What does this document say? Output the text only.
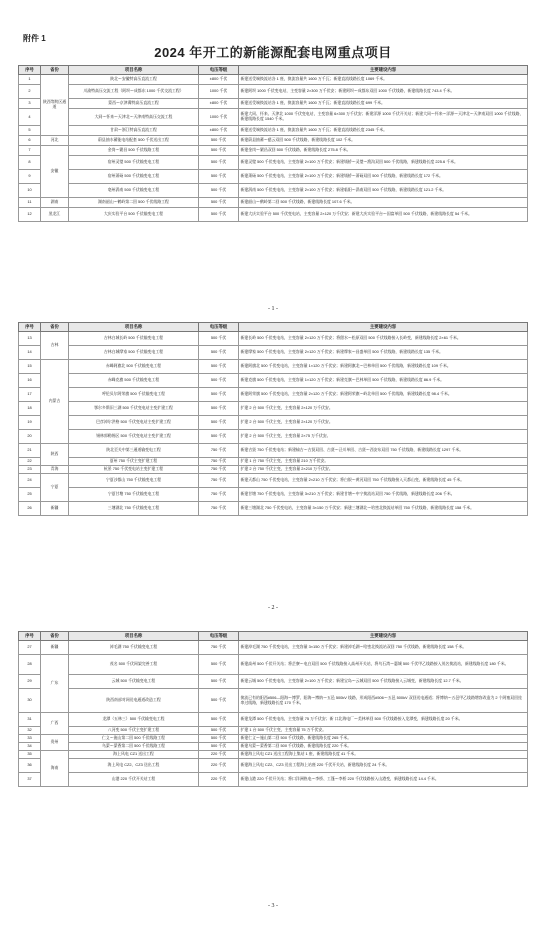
附件 1
2024 年开工的新能源配套电网重点项目
序号	省份	项目名称	电压等级	主要建设内容
1	陕西等跨区通道	陕北～安徽特高压直流工程	±800 千伏	新建送受端换流站各 1 座，换流容量共 1600 万千瓦；新建直流线路长度 1069 千米。
2		川渝特高压交流工程（阿坝～成都东 1000 千伏交流工程）	1000 千伏	新建阿坝 1000 千伏变电站，主变容量 2×300 万千伏安；新建阿坝～成都东双回 1000 千伏线路，新建线路长度 743.4 千米。
3		蒙西～京津冀特高压直流工程	±800 千伏	新建送受端换流站各 1 座，换流容量共 1600 万千瓦；新建直流线路长度 699 千米。
4		大同～怀来～天津北～天津南特高压交流工程	1000 千伏	新建大同、怀来、天津北 1000 千伏变电站，主变容量 6×300 万千伏安；新建洋源 1000 千伏开关站；新建大同～怀来～洋源～天津北～天津南双回 1000 千伏线路，新建线路长度 1540 千米。
5		甘肃～浙江特高压直流工程	±800 千伏	新建送受端换流站各 1 座，换流容量共 1600 万千瓦；新建直流线路长度 2345 千米。
6	河北	蔚县抽水蓄能电站配套 500 千伏送出工程	500 千伏	新建蔚县抽蓄～慈云双回 500 千伏线路，新建线路长度 102 千米。
7	安徽	金岗～繁昌 500 千伏线路工程	500 千伏	新建金岗～繁昌双回 500 千伏线路，新建线路长度 275.8 千米。
8		宿州灵璧 500 千伏输变电工程	500 千伏	新建灵璧 500 千伏变电站，主变容量 2×100 万千伏安；新建埇桥～灵璧～渔沟双回 500 千伏线路，新建线路长度 225.6 千米。
9		宿州萧砀 500 千伏输变电工程	500 千伏	新建萧砀 500 千伏变电站，主变容量 2×100 万千伏安；新建埇桥～萧砀双回 500 千伏线路，新建线路长度 172 千米。
10		亳州涡南 500 千伏输变电工程	500 千伏	新建涡南 500 千伏变电站，主变容量 2×100 万千伏安；新建临阳～涡南双回 500 千伏线路，新建线路长度 121.2 千米。
11	湖南	湖南韶山～鹤岭第二回 500 千伏线路工程	500 千伏	新建韶山～鹤岭第二回 500 千伏线路，新建线路长度 107.6 千米。
12	黑龙江	大庆实验平台 500 千伏输变电工程	500 千伏	新建大庆实验平台 500 千伏变电站，主变容量 2×120 万千伏安；新建大庆实验平台～国富单回 500 千伏线路，新建线路长度 54 千米。
- 1 -
序号	省份	项目名称	电压等级	主要建设内容
13	吉林	吉林白城长岭 500 千伏输变电工程	500 千伏	新建长岭 500 千伏变电站，主变容量 2×120 万千伏安；将甜水～松原双回 500 千伏线路接入长岭变，新建线路长度 2×61 千米。
14		吉林白城摩家 500 千伏输变电工程	500 千伏	新建摩家 500 千伏变电站，主变容量 2×120 万千伏安；新建摩家～昌盛单回 500 千伏线路，新建线路长度 135 千米。
15	内蒙古	赤峰阿旗北 500 千伏输变电工程	500 千伏	新建阿旗北 500 千伏变电站，主变容量 1×120 万千伏安；新建阿旗北～巴林单回 500 千伏线路，新建线路长度 109 千米。
16		赤峰克旗 500 千伏输变电工程	500 千伏	新建克旗 500 千伏变电站，主变容量 1×120 万千伏安；新建克旗～巴林单回 500 千伏线路，新建线路长度 86.9 千米。
17		呼伦贝尔阿荣旗 500 千伏输变电工程	500 千伏	新建阿荣旗 500 千伏变电站，主变容量 2×120 万千伏安；新建阿荣旗～岭北单回 500 千伏线路，新建线路长度 98.4 千米。
18		鄂尔多斯旧三湖 500 千伏变电站主变扩建工程	500 千伏	扩建 2 台 500 千伏主变，主变容量 2×120 万千伏安。
19		巴彦淖尔洪格 500 千伏变电站主变扩建工程	500 千伏	扩建 2 台 500 千伏主变，主变容量 2×120 万千伏安。
20		锡林郭勒锡区 500 千伏变电站主变扩建工程	500 千伏	扩建 2 台 500 千伏主变，主变容量 2×75 万千伏安。
21	陕西	陕北至关中第三通道输变电工程	750 千伏	新建吉贤 750 千伏变电站；新建榆古～古贤双回、古贤～泾川单回、古贤～西安东双回 750 千伏线路，新建线路长度 1297 千米。
22		夏州 750 千伏主变扩建工程	750 千伏	扩建 1 台 750 千伏主变，主变容量 210 万千伏安。
23	青海	杭景 750 千伏变电站主变扩建工程	750 千伏	扩建 2 台 750 千伏主变，主变容量 2×210 万千伏安。
24	宁夏	宁夏沙都山 750 千伏输变电工程	750 千伏	新建天都山 750 千伏变电站，主变容量 2×210 万千伏安；将白银～黄河双回 750 千伏线路接入天都山变，新建线路长度 45 千米。
25		宁夏甘塘 750 千伏输变电工程	750 千伏	新建甘塘 750 千伏变电站，主变容量 3×210 万千伏安；新建甘塘～中宁换流站双回 750 千伏线路，新建线路长度 206 千米。
26	新疆	三塘湖北 750 千伏输变电工程	750 千伏	新建三塘湖北 750 千伏变电站，主变容量 3×150 万千伏安；新建三塘湖北～哈密北换流站单回 750 千伏线路，新建线路长度 158 千米。
- 2 -
序号	省份	项目名称	电压等级	主要建设内容
27	新疆	淖毛湖 750 千伏输变电工程	750 千伏	新建淖毛湖 750 千伏变电站，主变容量 3×150 万千伏安；新建淖毛湖～哈密北换流站双回 750 千伏线路，新建线路长度 158 千米。
28	广东	茂名 500 千伏网架完善工程	500 千伏	新建高州 500 千伏开关站；将芷寮～电白双回 500 千伏线路接入高州开关站，将鸟石湾～惠城 500 千伏甲乙线路接入茂名换流站，新建线路长度 180 千米。
29		云城 500 千伏输变电工程	500 千伏	新建云城 500 千伏变电站，主变容量 2×100 万千伏安；新建宝岛～云城双回 500 千伏线路接入云城变，新建线路长度 12.7 千米。
30		陕西南部对网送电通道改造工程	500 千伏	换流已有的阳西#506—阳海～博罗、阳海～博纳～五邑 500kV 线路，形成阳西#506～五邑 500kV 双回送电通道；将博纳～五邑甲乙线路增容改造为 2 个阿塞双回挂串过线路，新建线路长度 170 千米。
31	广西	龙潭（五林三）500 千伏输变电工程	500 千伏	新建龙潭 500 千伏变电站，主变容量 75 万千伏安；新 口北海电厂～美林单回 500 千伏线路接入龙潭变，新建线路长度 20 千米。
32		八河变 500 千伏主变扩建工程	500 千伏	扩建 1 台 500 千伏主变，主变容量 75 万千伏安。
33	贵州	仁义～施山第二回 500 千伏线路工程	500 千伏	新建仁义～施山第二回 500 千伏线路，新建线路长度 265 千米。
34		乌蒙～蒙香第二回 500 千伏线路工程	500 千伏	新建乌蒙～蒙香第二回 500 千伏线路，新建线路长度 220 千米。
35	海南	海上风电 CZ1 送出工程	220 千伏	新建海上风电 CZ1 送出工程海上集站 1 座，新建线路长度 41 千米。
36		海上风电 CZ2、CZ3 送出工程	220 千伏	新建海上风电 CZ2、CZ3 送出工程海上站座 220 千伏开关站，新建线路长度 24 千米。
37		山港 220 千伏开关站工程	220 千伏	新建山港 220 千伏开关站；将口洋洲热电～李桥、工篷～李桥 220 千伏线路接入山港变，新建线路长度 14.4 千米。
- 3 -
